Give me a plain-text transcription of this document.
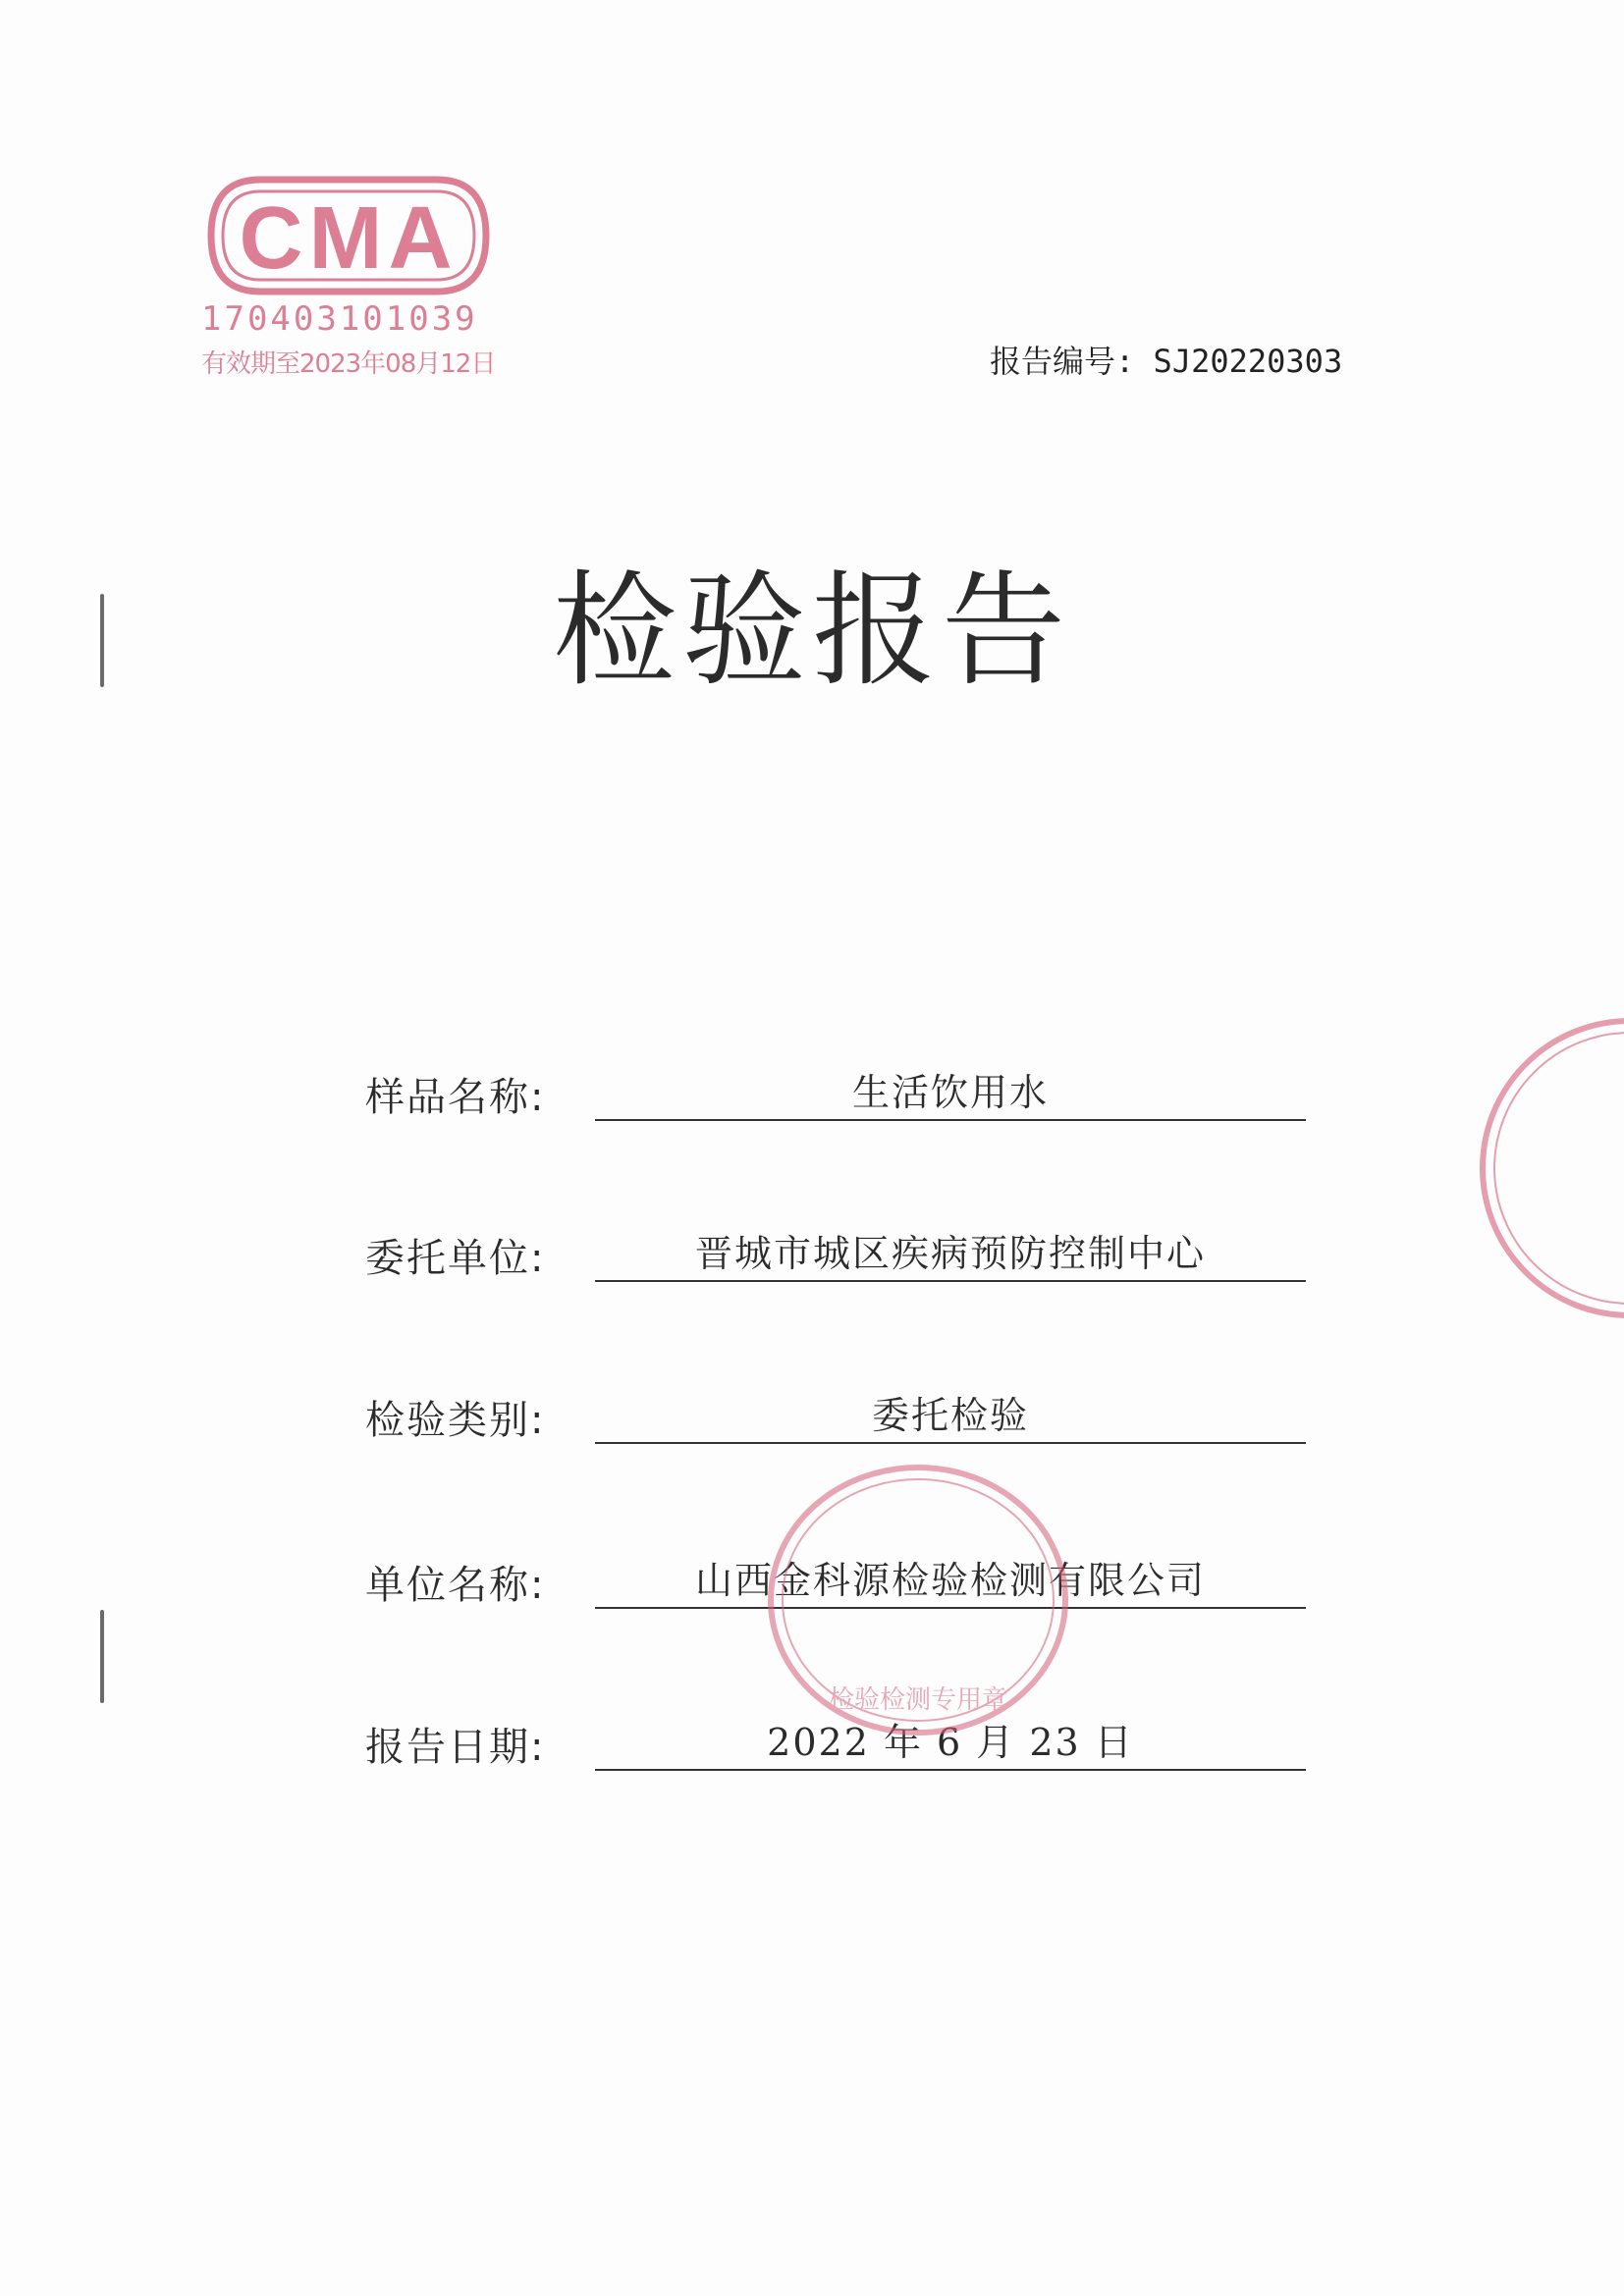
CMA
170403101039
有效期至2023年08月12日	报告编号: SJ20220303
检验报告
样品名称:	生活饮用水
委托单位:	晋城市城区疾病预防控制中心
检验类别:	委托检验
单位名称:	山西金科源检验检测有限公司
报告日期:	2022 年 6 月 23 日
检验检测专用章
